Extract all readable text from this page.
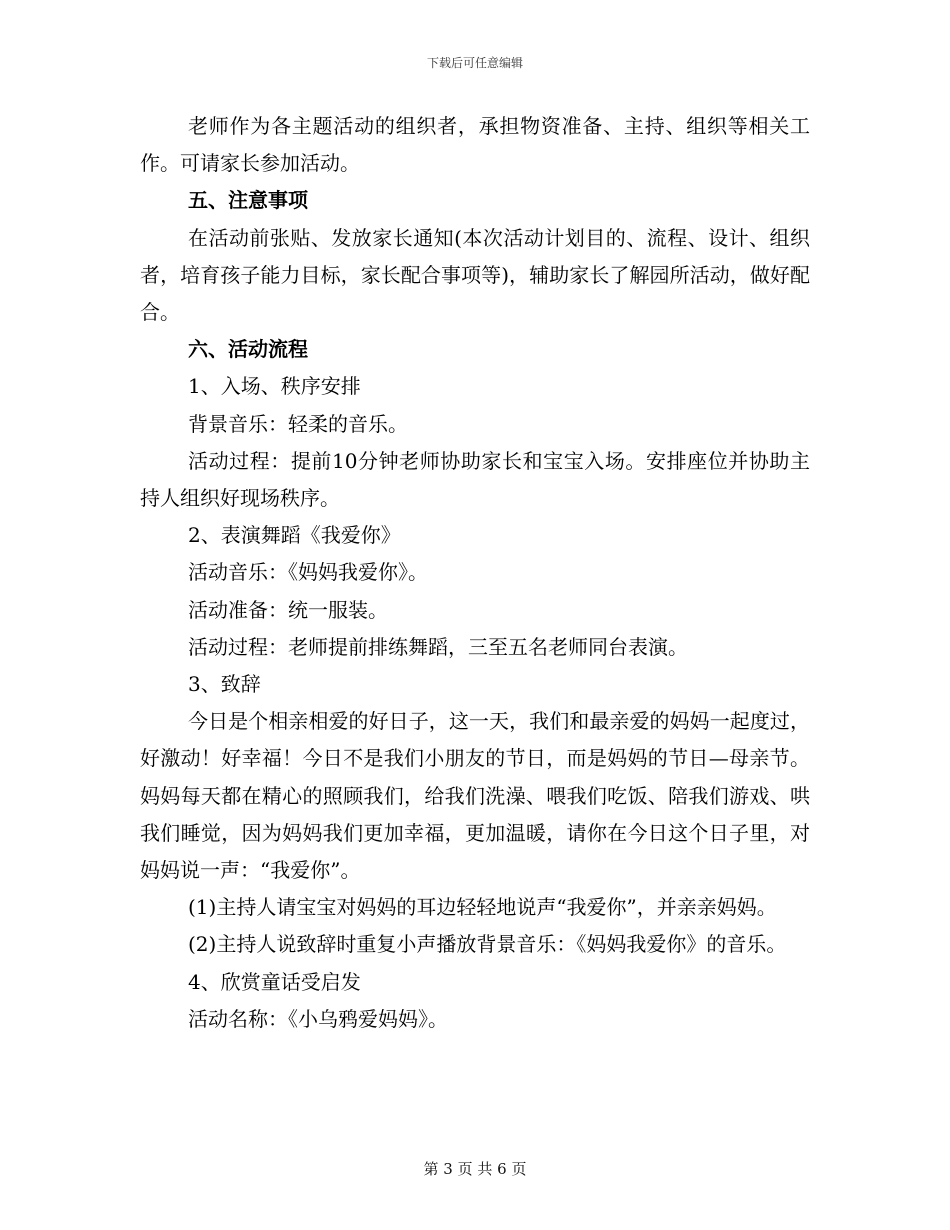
下载后可任意编辑

老师作为各主题活动的组织者，承担物资准备、主持、组织等相关工作。可请家长参加活动。

五、注意事项

在活动前张贴、发放家长通知(本次活动计划目的、流程、设计、组织者，培育孩子能力目标，家长配合事项等)，辅助家长了解园所活动，做好配合。

六、活动流程

1、入场、秩序安排

背景音乐：轻柔的音乐。

活动过程：提前10分钟老师协助家长和宝宝入场。安排座位并协助主持人组织好现场秩序。

2、表演舞蹈《我爱你》

活动音乐：《妈妈我爱你》。

活动准备：统一服装。

活动过程：老师提前排练舞蹈，三至五名老师同台表演。

3、致辞

今日是个相亲相爱的好日子，这一天，我们和最亲爱的妈妈一起度过，好激动！好幸福！今日不是我们小朋友的节日，而是妈妈的节日—母亲节。妈妈每天都在精心的照顾我们，给我们洗澡、喂我们吃饭、陪我们游戏、哄我们睡觉，因为妈妈我们更加幸福，更加温暖，请你在今日这个日子里，对妈妈说一声：“我爱你”。

(1)主持人请宝宝对妈妈的耳边轻轻地说声“我爱你”，并亲亲妈妈。

(2)主持人说致辞时重复小声播放背景音乐：《妈妈我爱你》的音乐。

4、欣赏童话受启发

活动名称：《小乌鸦爱妈妈》。

第 3 页 共 6 页
